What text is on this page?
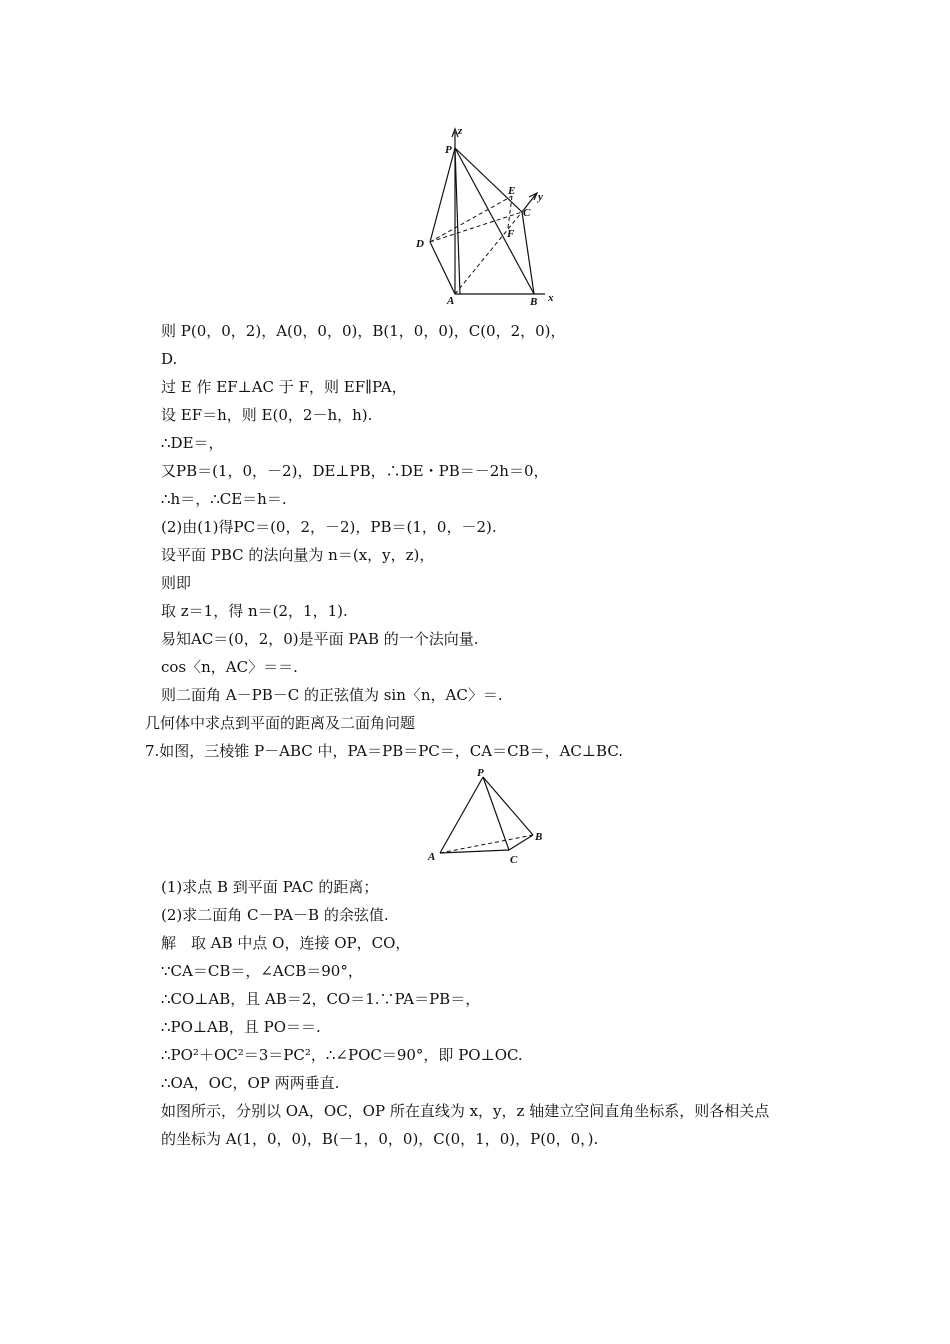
z
y
x
P
E
C
F
D
A	B
P
A
B
C
则 P(0，0，2)，A(0，0，0)，B(1，0，0)，C(0，2，0)，
D.
过 E 作 EF⊥AC 于 F，则 EF∥PA，
设 EF＝h，则 E(0，2－h，h).
∴DE＝，
又PB＝(1，0，－2)，DE⊥PB，∴DE・PB＝－2h＝0，
∴h＝，∴CE＝h＝.
(2)由(1)得PC＝(0，2，－2)，PB＝(1，0，－2).
设平面 PBC 的法向量为 n＝(x，y，z)，
则即
取 z＝1，得 n＝(2，1，1).
易知AC＝(0，2，0)是平面 PAB 的一个法向量.
cos〈n，AC〉＝＝.
则二面角 A－PB－C 的正弦值为 sin〈n，AC〉＝.
几何体中求点到平面的距离及二面角问题
7.如图，三棱锥 P－ABC 中，PA＝PB＝PC＝，CA＝CB＝，AC⊥BC.
(1)求点 B 到平面 PAC 的距离；
(2)求二面角 C－PA－B 的余弦值.
解　取 AB 中点 O，连接 OP，CO，
∵CA＝CB＝，∠ACB＝90°，
∴CO⊥AB，且 AB＝2，CO＝1.∵PA＝PB＝，
∴PO⊥AB，且 PO＝＝.
∴PO²＋OC²＝3＝PC²，∴∠POC＝90°，即 PO⊥OC.
∴OA，OC，OP 两两垂直.
如图所示，分别以 OA，OC，OP 所在直线为 x，y，z 轴建立空间直角坐标系，则各相关点
的坐标为 A(1，0，0)，B(－1，0，0)，C(0，1，0)，P(0，0，).
